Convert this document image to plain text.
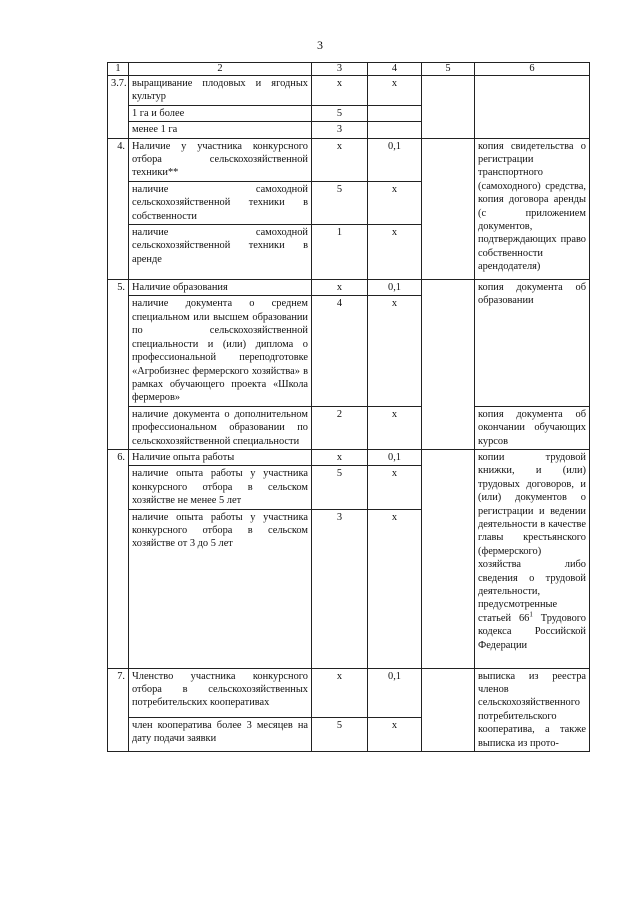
3
1	2	3	4	5	6
3.7.	выращивание плодовых и ягодных культур	х	х		
	1 га и более	5			
	менее 1 га	3			
4.	Наличие у участника конкурсного отбора сельскохозяйственной техники**	х	0,1		копия свидетельства о регистрации транспортного (самоходного) средства, копия договора аренды (с приложением документов, подтверждающих право собственности арендодателя)
	наличие самоходной сельскохозяйственной техники в собственности	5	х		
	наличие самоходной сельскохозяйственной техники в аренде	1	х		
5.	Наличие образования	х	0,1		копия документа об образовании
	наличие документа о среднем специальном или высшем образовании по сельскохозяйственной специальности и (или) диплома о профессиональной переподготовке «Агробизнес фермерского хозяйства» в рамках обучающего проекта «Школа фермеров»	4	х		
	наличие документа о дополнительном профессиональном образовании по сельскохозяйственной специальности	2	х		копия документа об окончании обучающих курсов
6.	Наличие опыта работы	х	0,1		копии трудовой книжки, и (или) трудовых договоров, и (или) документов о регистрации и ведении деятельности в качестве главы крестьянского (фермерского) хозяйства либо сведения о трудовой деятельности, предусмотренные статьей $66^1$ Трудового кодекса Российской Федерации
	наличие опыта работы у участника конкурсного отбора в сельском хозяйстве не менее 5 лет	5	х		
	наличие опыта работы у участника конкурсного отбора в сельском хозяйстве от 3 до 5 лет	3	х		
7.	Членство участника конкурсного отбора в сельскохозяйственных потребительских кооперативах	х	0,1		выписка из реестра членов сельскохозяйственного потребительского кооператива, а также выписка из прото-
	член кооператива более 3 месяцев на дату подачи заявки	5	х		
